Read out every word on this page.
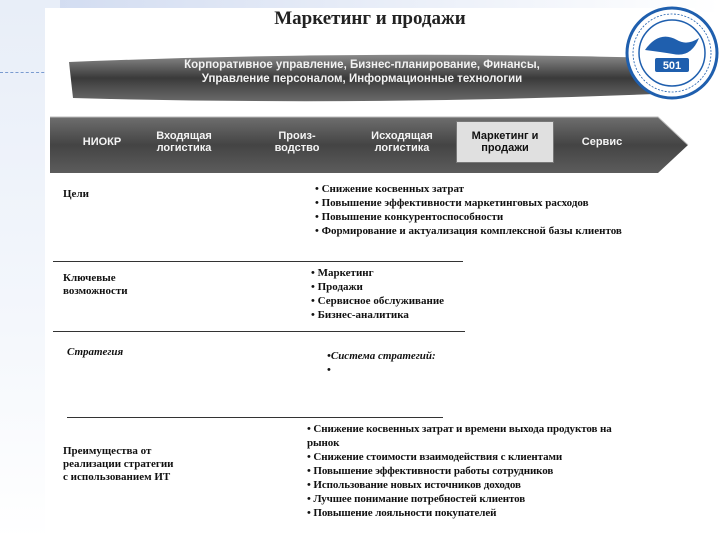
Маркетинг и продажи
Корпоративное управление, Бизнес-планирование, Финансы,
Управление персоналом, Информационные технологии
НИОКР	Входящая логистика
Произ-водство
Исходящая логистика
Маркетинг и продажи	Сервис
Цели
•	Снижение косвенных затрат
• Повышение эффективности маркетинговых расходов
• Повышение конкурентоспособности
• Формирование и актуализация комплексной базы клиентов
Ключевые возможности
• Маркетинг
• Продажи
• Сервисное обслуживание
• Бизнес-аналитика
Стратегия	•Система стратегий:
•
Преимущества от реализации стратегии с использованием ИТ
• Снижение косвенных затрат и времени выхода продуктов на рынок
• Снижение стоимости взаимодействия с клиентами
• Повышение эффективности работы сотрудников
• Использование новых источников доходов
• Лучшее понимание потребностей клиентов
• Повышение лояльности покупателей
501
